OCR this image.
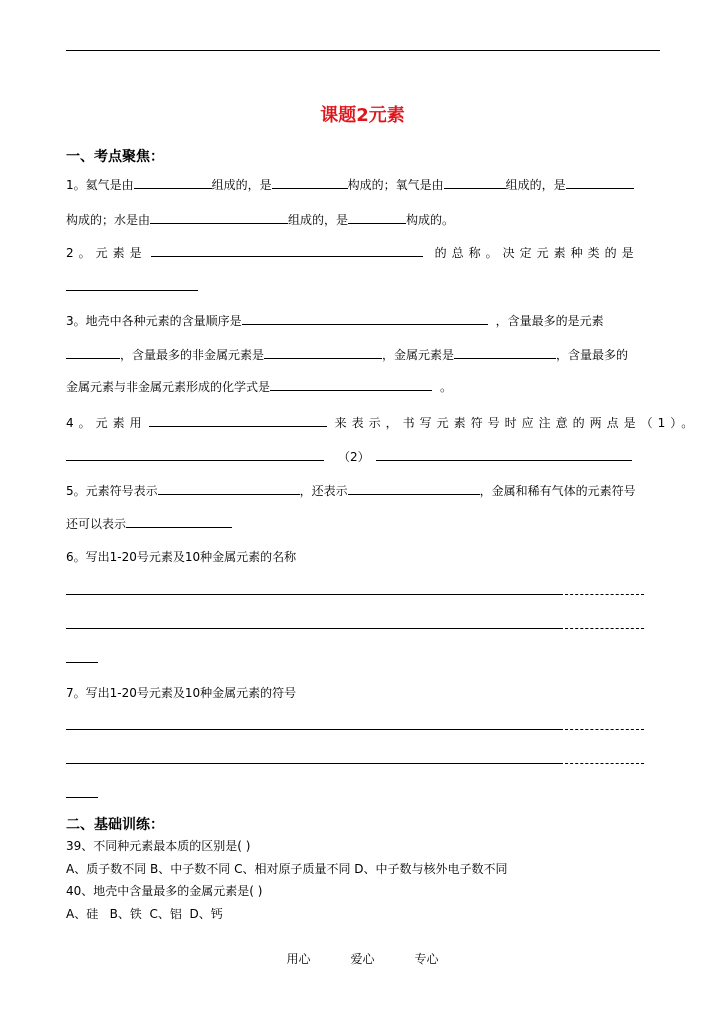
课题2元素
一、考点聚焦：
1。氦气是由	组成的，是	构成的；氧气是由	组成的，是
构成的；水是由	组成的，是	构成的。
2。元素是	的总称。决定元素种类的是
3。地壳中各种元素的含量顺序是	，含量最多的是元素
，含量最多的非金属元素是	，金属元素是	，含量最多的
金属元素与非金属元素形成的化学式是	。
4。元素用	来表示，书写元素符号时应注意的两点是（1）。
（2）
5。元素符号表示	，还表示	，金属和稀有气体的元素符号
还可以表示
6。写出1-20号元素及10种金属元素的名称
7。写出1-20号元素及10种金属元素的符号
二、基础训练：
39、不同种元素最本质的区别是( )
A、质子数不同 B、中子数不同 C、相对原子质量不同 D、中子数与核外电子数不同
40、地壳中含量最多的金属元素是( )
A、硅   B、铁  C、铝  D、钙
用心	爱心	专心
